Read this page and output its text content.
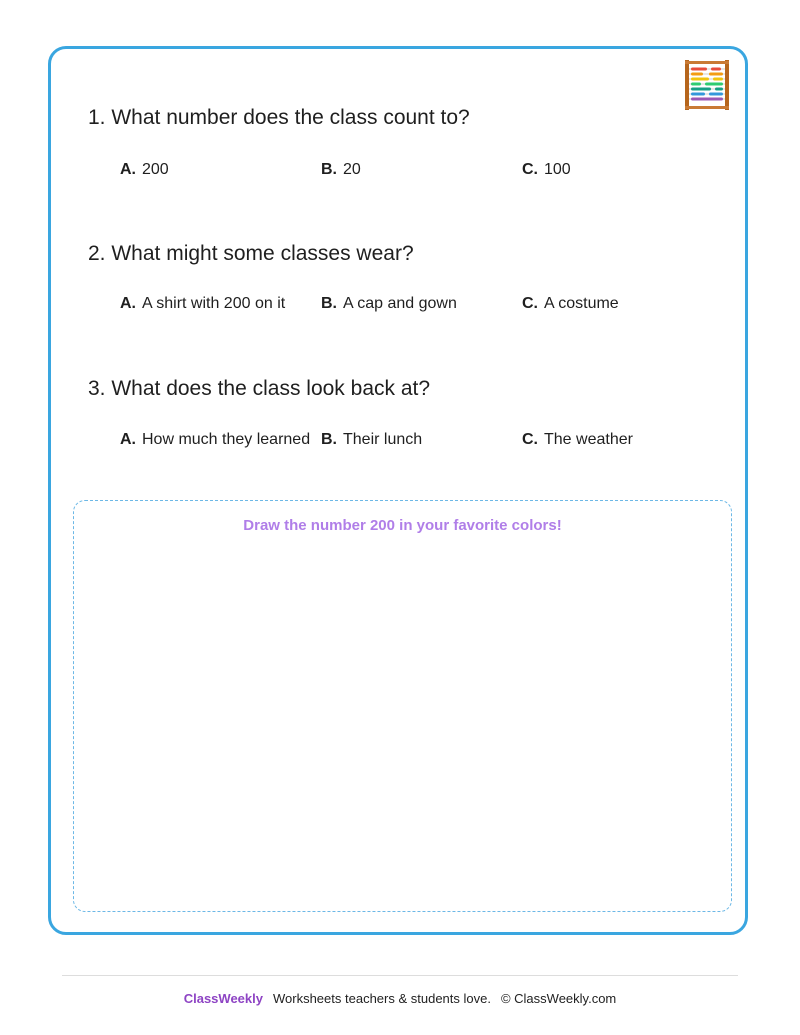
1. What number does the class count to?
A. 200	B. 20	C. 100
2. What might some classes wear?
A. A shirt with 200 on it B. A cap and gown	C. A costume
3. What does the class look back at?
A. How much they learned B. Their lunch	C. The weather
Draw the number 200 in your favorite colors!
ClassWeekly Worksheets teachers & students love. © ClassWeekly.com
